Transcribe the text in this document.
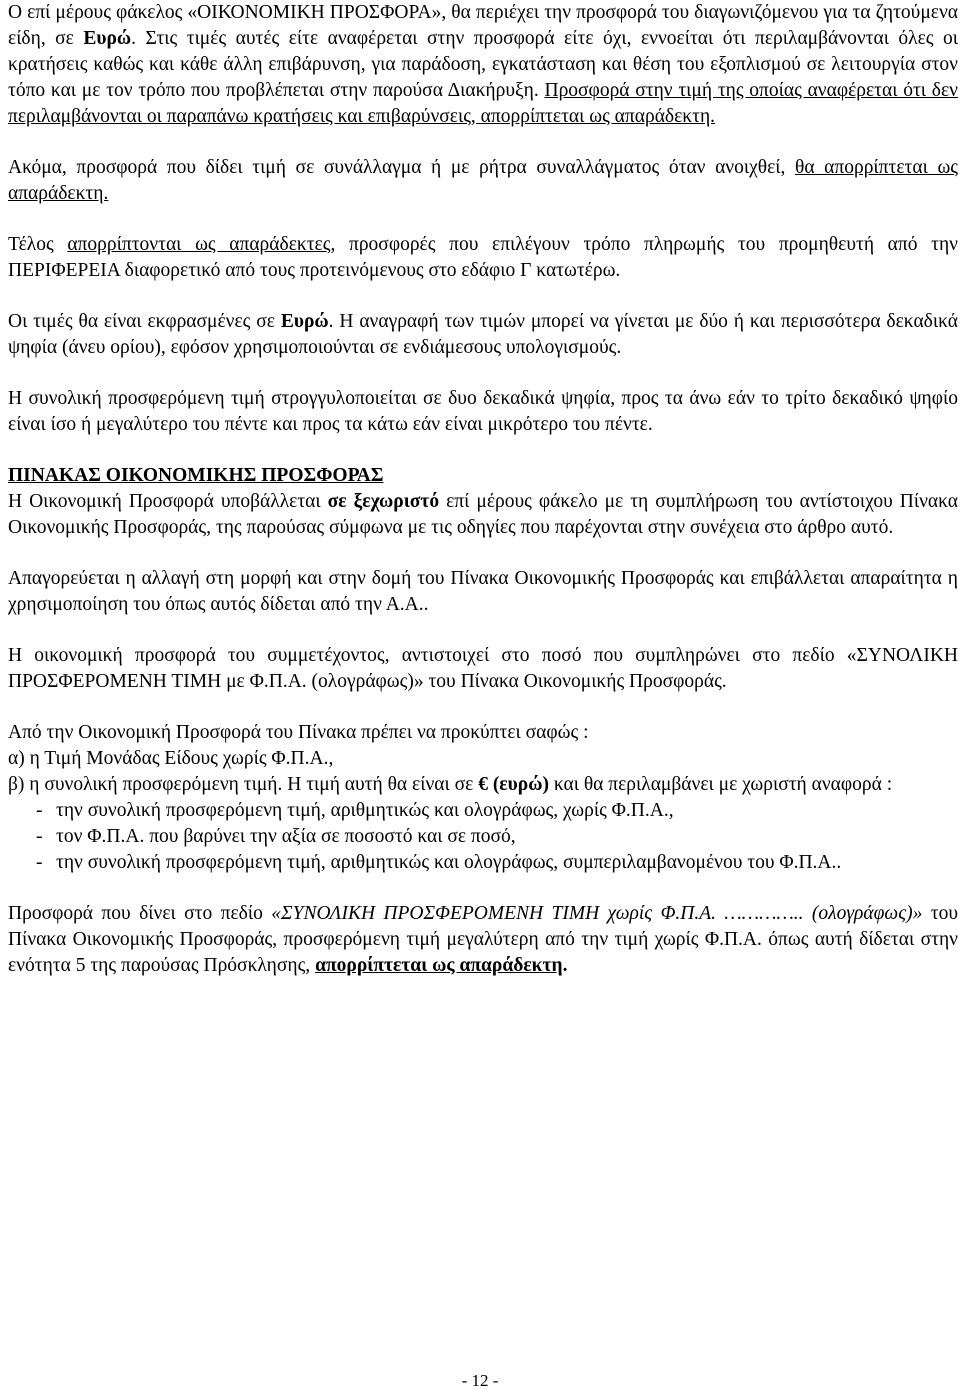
Ο επί μέρους φάκελος «ΟΙΚΟΝΟΜΙΚΗ ΠΡΟΣΦΟΡΑ», θα περιέχει την προσφορά του διαγωνιζόμενου για τα ζητούμενα είδη, σε Ευρώ. Στις τιμές αυτές είτε αναφέρεται στην προσφορά είτε όχι, εννοείται ότι περιλαμβάνονται όλες οι κρατήσεις καθώς και κάθε άλλη επιβάρυνση, για παράδοση, εγκατάσταση και θέση του εξοπλισμού σε λειτουργία στον τόπο και με τον τρόπο που προβλέπεται στην παρούσα Διακήρυξη. Προσφορά στην τιμή της οποίας αναφέρεται ότι δεν περιλαμβάνονται οι παραπάνω κρατήσεις και επιβαρύνσεις, απορρίπτεται ως απαράδεκτη.

Ακόμα, προσφορά που δίδει τιμή σε συνάλλαγμα ή με ρήτρα συναλλάγματος όταν ανοιχθεί, θα απορρίπτεται ως απαράδεκτη.

Τέλος απορρίπτονται ως απαράδεκτες, προσφορές που επιλέγουν τρόπο πληρωμής του προμηθευτή από την ΠΕΡΙΦΕΡΕΙΑ διαφορετικό από τους προτεινόμενους στο εδάφιο Γ κατωτέρω.

Οι τιμές θα είναι εκφρασμένες σε Ευρώ. Η αναγραφή των τιμών μπορεί να γίνεται με δύο ή και περισσότερα δεκαδικά ψηφία (άνευ ορίου), εφόσον χρησιμοποιούνται σε ενδιάμεσους υπολογισμούς.

Η συνολική προσφερόμενη τιμή στρογγυλοποιείται σε δυο δεκαδικά ψηφία, προς τα άνω εάν το τρίτο δεκαδικό ψηφίο είναι ίσο ή μεγαλύτερο του πέντε και προς τα κάτω εάν είναι μικρότερο του πέντε.

ΠΙΝΑΚΑΣ ΟΙΚΟΝΟΜΙΚΗΣ ΠΡΟΣΦΟΡΑΣ

Η Οικονομική Προσφορά υποβάλλεται σε ξεχωριστό επί μέρους φάκελο με τη συμπλήρωση του αντίστοιχου Πίνακα Οικονομικής Προσφοράς, της παρούσας σύμφωνα με τις οδηγίες που παρέχονται στην συνέχεια στο άρθρο αυτό.

Απαγορεύεται η αλλαγή στη μορφή και στην δομή του Πίνακα Οικονομικής Προσφοράς και επιβάλλεται απαραίτητα η χρησιμοποίηση του όπως αυτός δίδεται από την Α.Α..

Η οικονομική προσφορά του συμμετέχοντος, αντιστοιχεί στο ποσό που συμπληρώνει στο πεδίο «ΣΥΝΟΛΙΚΗ ΠΡΟΣΦΕΡΟΜΕΝΗ ΤΙΜΗ με Φ.Π.Α. (ολογράφως)» του Πίνακα Οικονομικής Προσφοράς.

Από την Οικονομική Προσφορά του Πίνακα πρέπει να προκύπτει σαφώς :

α) η Τιμή Μονάδας Είδους χωρίς Φ.Π.Α.,

β) η συνολική προσφερόμενη τιμή. Η τιμή αυτή θα είναι σε € (ευρώ) και θα περιλαμβάνει με χωριστή αναφορά :

- την συνολική προσφερόμενη τιμή, αριθμητικώς και ολογράφως, χωρίς Φ.Π.Α.,
- τον Φ.Π.Α. που βαρύνει την αξία σε ποσοστό και σε ποσό,
- την συνολική προσφερόμενη τιμή, αριθμητικώς και ολογράφως, συμπεριλαμβανομένου του Φ.Π.Α..

Προσφορά που δίνει στο πεδίο «ΣΥΝΟΛΙΚΗ ΠΡΟΣΦΕΡΟΜΕΝΗ ΤΙΜΗ χωρίς Φ.Π.Α. ………….. (ολογράφως)» του Πίνακα Οικονομικής Προσφοράς, προσφερόμενη τιμή μεγαλύτερη από την τιμή χωρίς Φ.Π.Α. όπως αυτή δίδεται στην ενότητα 5 της παρούσας Πρόσκλησης, απορρίπτεται ως απαράδεκτη.

- 12 -
